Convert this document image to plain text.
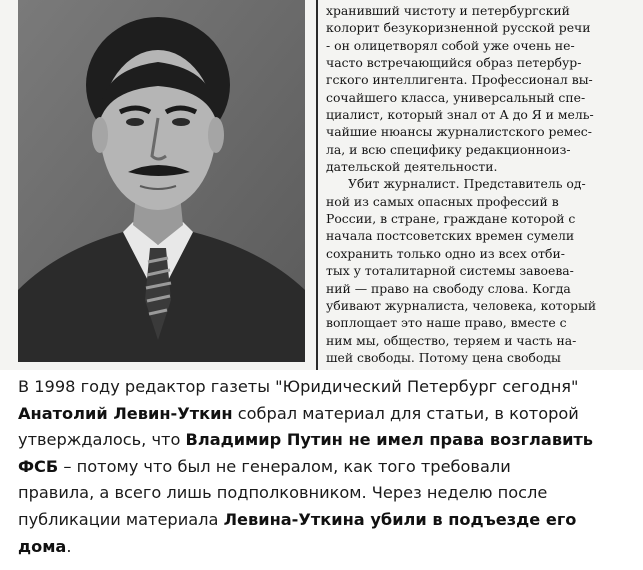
хранивший чистоту и петербургский
колорит безукоризненной русской речи
- он олицетворял собой уже очень не-
часто встречающийся образ петербур-
гского интеллигента. Профессионал вы-
сочайшего класса, универсальный спе-
циалист, который знал от А до Я и мель-
чайшие нюансы журналистского ремес-
ла, и всю специфику редакционноиз-
дательской деятельности.
Убит журналист. Представитель од-
ной из самых опасных профессий в
России, в стране, граждане которой с
начала постсоветских времен сумели
сохранить только одно из всех отби-
тых у тоталитарной системы завоева-
ний — право на свободу слова. Когда
убивают журналиста, человека, который
воплощает это наше право, вместе с
ним мы, общество, теряем и часть на-
шей свободы. Потому цена свободы
В 1998 году редактор газеты "Юридический Петербург сегодня"
Анатолий Левин-Уткин собрал материал для статьи, в которой
утверждалось, что Владимир Путин не имел права возглавить
ФСБ – потому что был не генералом, как того требовали
правила, а всего лишь подполковником. Через неделю после
публикации материала Левина-Уткина убили в подъезде его
дома.
